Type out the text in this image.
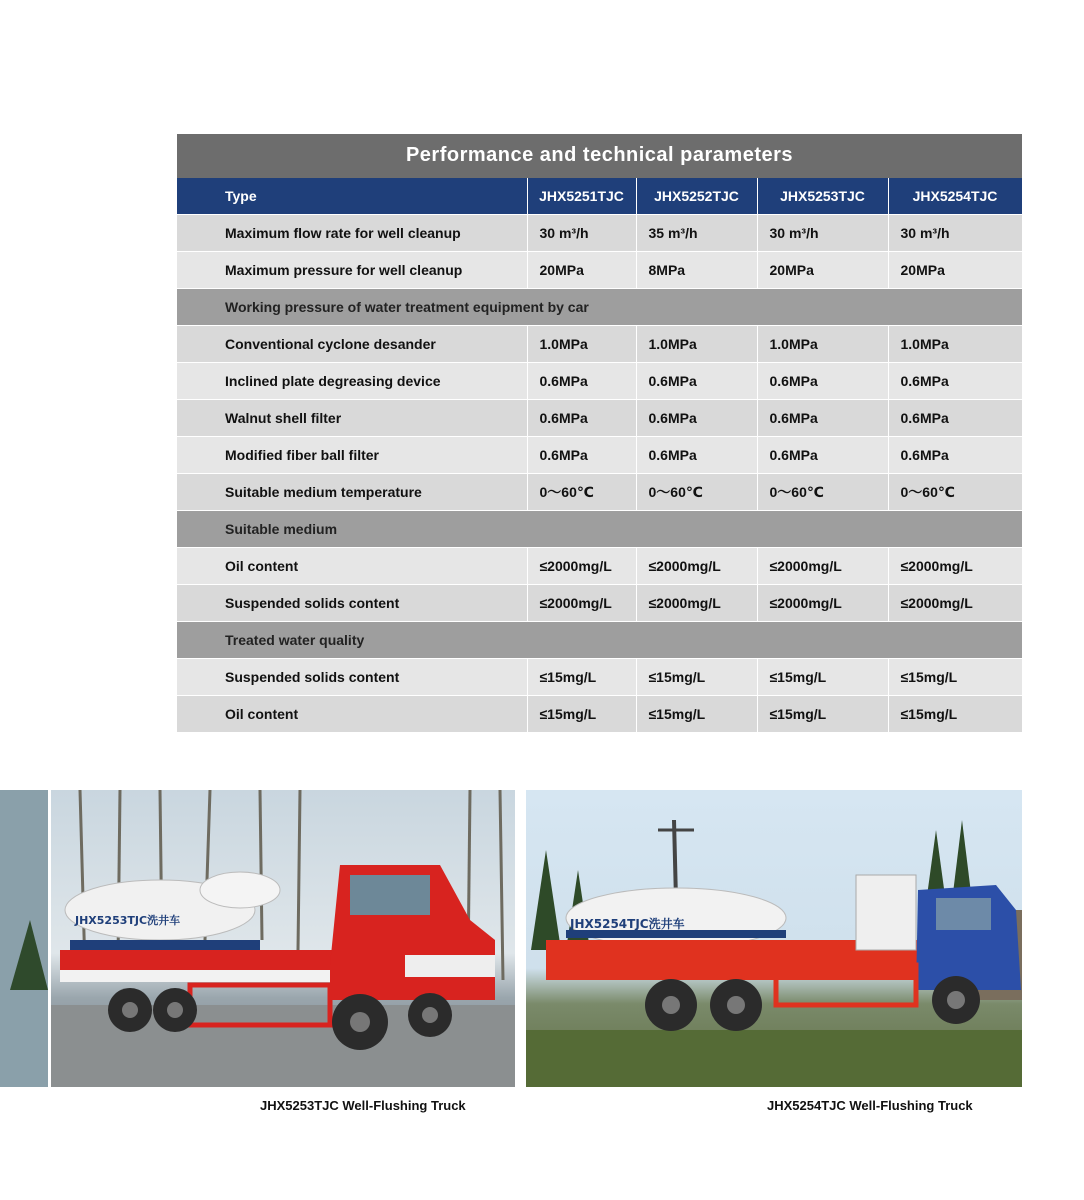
Performance and technical parameters
Type	JHX5251TJC	JHX5252TJC	JHX5253TJC	JHX5254TJC
Maximum flow rate for well cleanup	30 m³/h	35 m³/h	30 m³/h	30 m³/h
Maximum pressure for well cleanup	20MPa	8MPa	20MPa	20MPa
Working pressure of water treatment equipment by car				
Conventional cyclone desander	1.0MPa	1.0MPa	1.0MPa	1.0MPa
Inclined plate degreasing device	0.6MPa	0.6MPa	0.6MPa	0.6MPa
Walnut shell filter	0.6MPa	0.6MPa	0.6MPa	0.6MPa
Modified fiber ball filter	0.6MPa	0.6MPa	0.6MPa	0.6MPa
Suitable medium temperature	0～60℃	0～60℃	0～60℃	0～60℃
Suitable medium				
Oil content	≤2000mg/L	≤2000mg/L	≤2000mg/L	≤2000mg/L
Suspended solids content	≤2000mg/L	≤2000mg/L	≤2000mg/L	≤2000mg/L
Treated water quality				
Suspended solids content	≤15mg/L	≤15mg/L	≤15mg/L	≤15mg/L
Oil content	≤15mg/L	≤15mg/L	≤15mg/L	≤15mg/L
JHX5253TJC洗井车
JHX5253TJC Well-Flushing Truck
JHX5254TJC洗井车
JHX5254TJC Well-Flushing Truck
